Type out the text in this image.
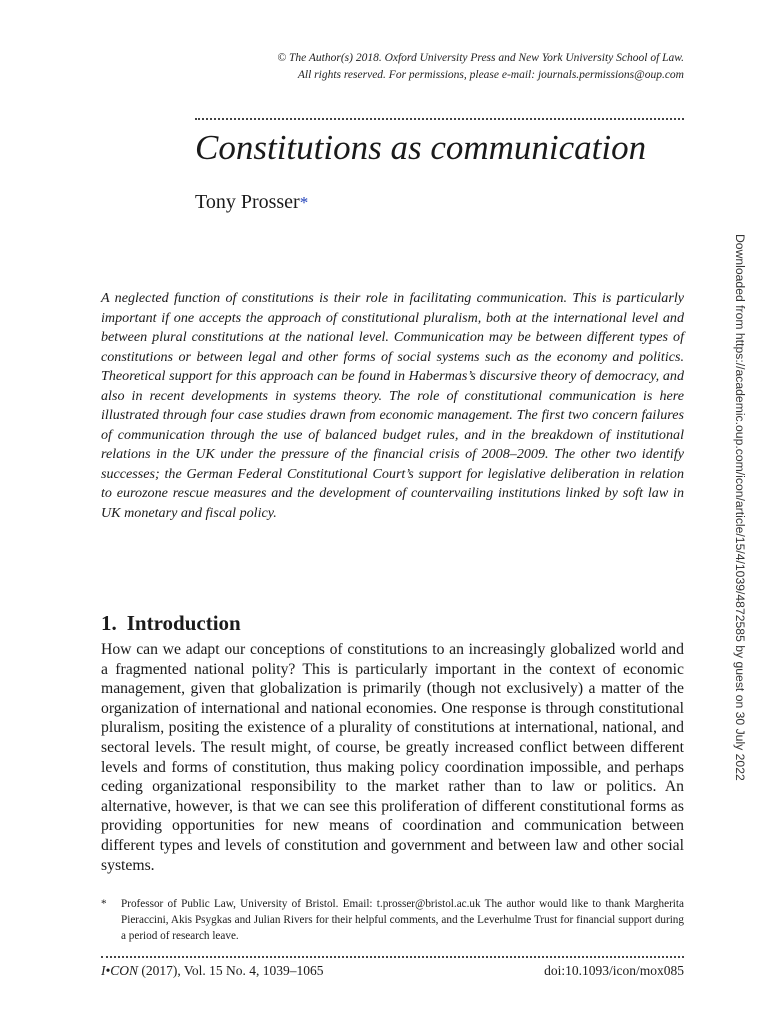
© The Author(s) 2018. Oxford University Press and New York University School of Law.
All rights reserved. For permissions, please e-mail: journals.permissions@oup.com
Constitutions as communication
Tony Prosser*
A neglected function of constitutions is their role in facilitating communication. This is particularly important if one accepts the approach of constitutional pluralism, both at the international level and between plural constitutions at the national level. Communication may be between different types of constitutions or between legal and other forms of social systems such as the economy and politics. Theoretical support for this approach can be found in Habermas’s discursive theory of democracy, and also in recent developments in systems theory. The role of constitutional communication is here illustrated through four case studies drawn from economic management. The first two concern failures of communication through the use of balanced budget rules, and in the breakdown of institutional relations in the UK under the pressure of the financial crisis of 2008–2009. The other two identify successes; the German Federal Constitutional Court’s support for legislative deliberation in relation to eurozone rescue measures and the development of countervailing institutions linked by soft law in UK monetary and fiscal policy.
1. Introduction
How can we adapt our conceptions of constitutions to an increasingly globalized world and a fragmented national polity? This is particularly important in the context of economic management, given that globalization is primarily (though not exclusively) a matter of the organization of international and national economies. One response is through constitutional pluralism, positing the existence of a plurality of constitutions at international, national, and sectoral levels. The result might, of course, be greatly increased conflict between different levels and forms of constitution, thus making policy coordination impossible, and perhaps ceding organizational responsibility to the market rather than to law or politics. An alternative, however, is that we can see this proliferation of different constitutional forms as providing opportunities for new means of coordination and communication between different types and levels of constitution and government and between law and other social systems.
*	Professor of Public Law, University of Bristol. Email: t.prosser@bristol.ac.uk The author would like to thank Margherita Pieraccini, Akis Psygkas and Julian Rivers for their helpful comments, and the Leverhulme Trust for financial support during a period of research leave.
I•CON (2017), Vol. 15 No. 4, 1039–1065	doi:10.1093/icon/mox085
Downloaded from https://academic.oup.com/icon/article/15/4/1039/4872585 by guest on 30 July 2022
